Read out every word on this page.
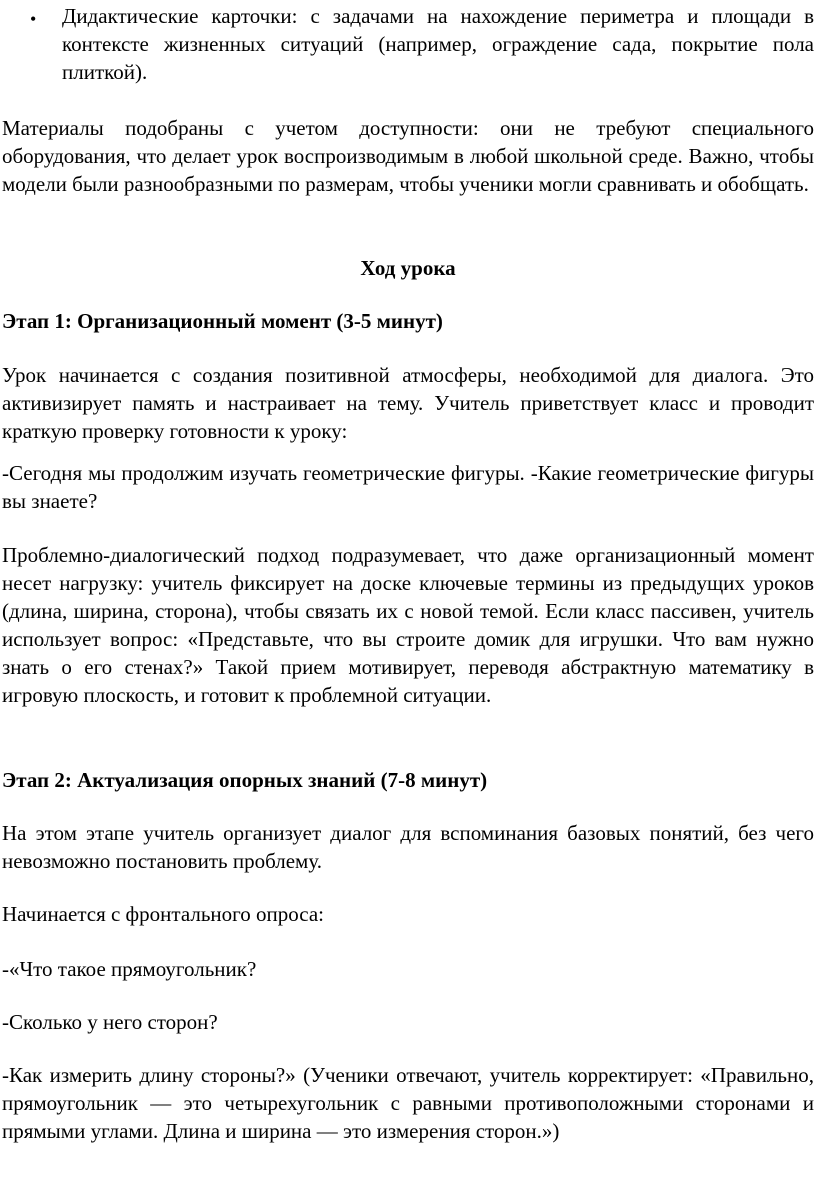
• Дидактические карточки: с задачами на нахождение периметра и площади в контексте жизненных ситуаций (например, ограждение сада, покрытие пола плиткой).

Материалы подобраны с учетом доступности: они не требуют специального оборудования, что делает урок воспроизводимым в любой школьной среде. Важно, чтобы модели были разнообразными по размерам, чтобы ученики могли сравнивать и обобщать.

Ход урока
Этап 1: Организационный момент (3-5 минут)

Урок начинается с создания позитивной атмосферы, необходимой для диалога. Это активизирует память и настраивает на тему. Учитель приветствует класс и проводит краткую проверку готовности к уроку:

-Сегодня мы продолжим изучать геометрические фигуры. -Какие геометрические фигуры вы знаете?

Проблемно-диалогический подход подразумевает, что даже организационный момент несет нагрузку: учитель фиксирует на доске ключевые термины из предыдущих уроков (длина, ширина, сторона), чтобы связать их с новой темой. Если класс пассивен, учитель использует вопрос: «Представьте, что вы строите домик для игрушки. Что вам нужно знать о его стенах?» Такой прием мотивирует, переводя абстрактную математику в игровую плоскость, и готовит к проблемной ситуации.

Этап 2: Актуализация опорных знаний (7-8 минут)

На этом этапе учитель организует диалог для вспоминания базовых понятий, без чего невозможно постановить проблему.

Начинается с фронтального опроса:

-«Что такое прямоугольник?

-Сколько у него сторон?

-Как измерить длину стороны?» (Ученики отвечают, учитель корректирует: «Правильно, прямоугольник — это четырехугольник с равными противоположными сторонами и прямыми углами. Длина и ширина — это измерения сторон.»)
